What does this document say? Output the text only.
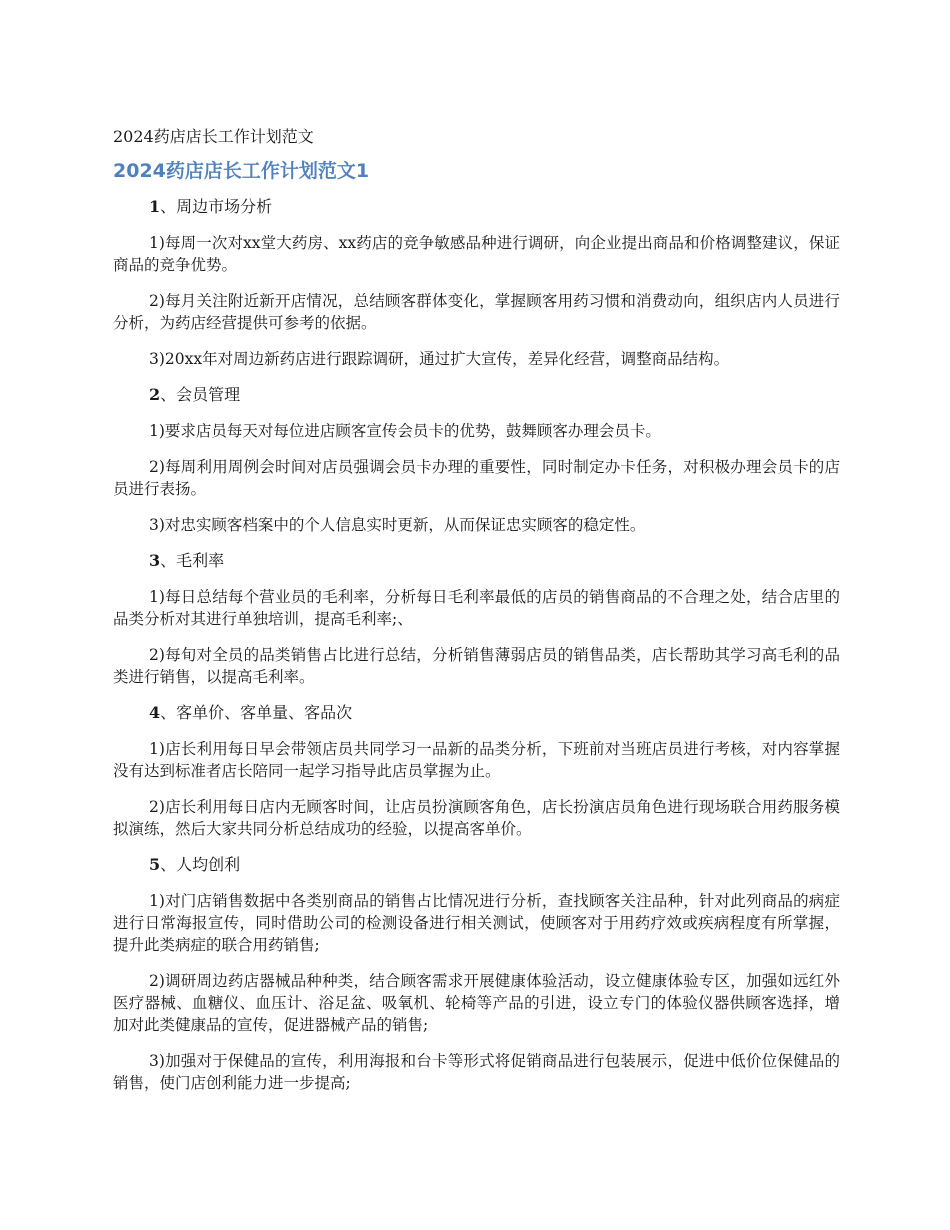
2024药店店长工作计划范文
2024药店店长工作计划范文1
1、周边市场分析

1)每周一次对xx堂大药房、xx药店的竞争敏感品种进行调研，向企业提出商品和价格调整建议，保证商品的竞争优势。

2)每月关注附近新开店情况，总结顾客群体变化，掌握顾客用药习惯和消费动向，组织店内人员进行分析，为药店经营提供可参考的依据。

3)20xx年对周边新药店进行跟踪调研，通过扩大宣传，差异化经营，调整商品结构。

2、会员管理

1)要求店员每天对每位进店顾客宣传会员卡的优势，鼓舞顾客办理会员卡。

2)每周利用周例会时间对店员强调会员卡办理的重要性，同时制定办卡任务，对积极办理会员卡的店员进行表扬。

3)对忠实顾客档案中的个人信息实时更新，从而保证忠实顾客的稳定性。

3、毛利率

1)每日总结每个营业员的毛利率，分析每日毛利率最低的店员的销售商品的不合理之处，结合店里的品类分析对其进行单独培训，提高毛利率;、

2)每旬对全员的品类销售占比进行总结，分析销售薄弱店员的销售品类，店长帮助其学习高毛利的品类进行销售，以提高毛利率。

4、客单价、客单量、客品次

1)店长利用每日早会带领店员共同学习一品新的品类分析，下班前对当班店员进行考核，对内容掌握没有达到标准者店长陪同一起学习指导此店员掌握为止。

2)店长利用每日店内无顾客时间，让店员扮演顾客角色，店长扮演店员角色进行现场联合用药服务模拟演练，然后大家共同分析总结成功的经验，以提高客单价。

5、人均创利

1)对门店销售数据中各类别商品的销售占比情况进行分析，查找顾客关注品种，针对此列商品的病症进行日常海报宣传，同时借助公司的检测设备进行相关测试，使顾客对于用药疗效或疾病程度有所掌握，提升此类病症的联合用药销售;

2)调研周边药店器械品种种类，结合顾客需求开展健康体验活动，设立健康体验专区，加强如远红外医疗器械、血糖仪、血压计、浴足盆、吸氧机、轮椅等产品的引进，设立专门的体验仪器供顾客选择，增加对此类健康品的宣传，促进器械产品的销售;

3)加强对于保健品的宣传，利用海报和台卡等形式将促销商品进行包装展示，促进中低价位保健品的销售，使门店创利能力进一步提高;
